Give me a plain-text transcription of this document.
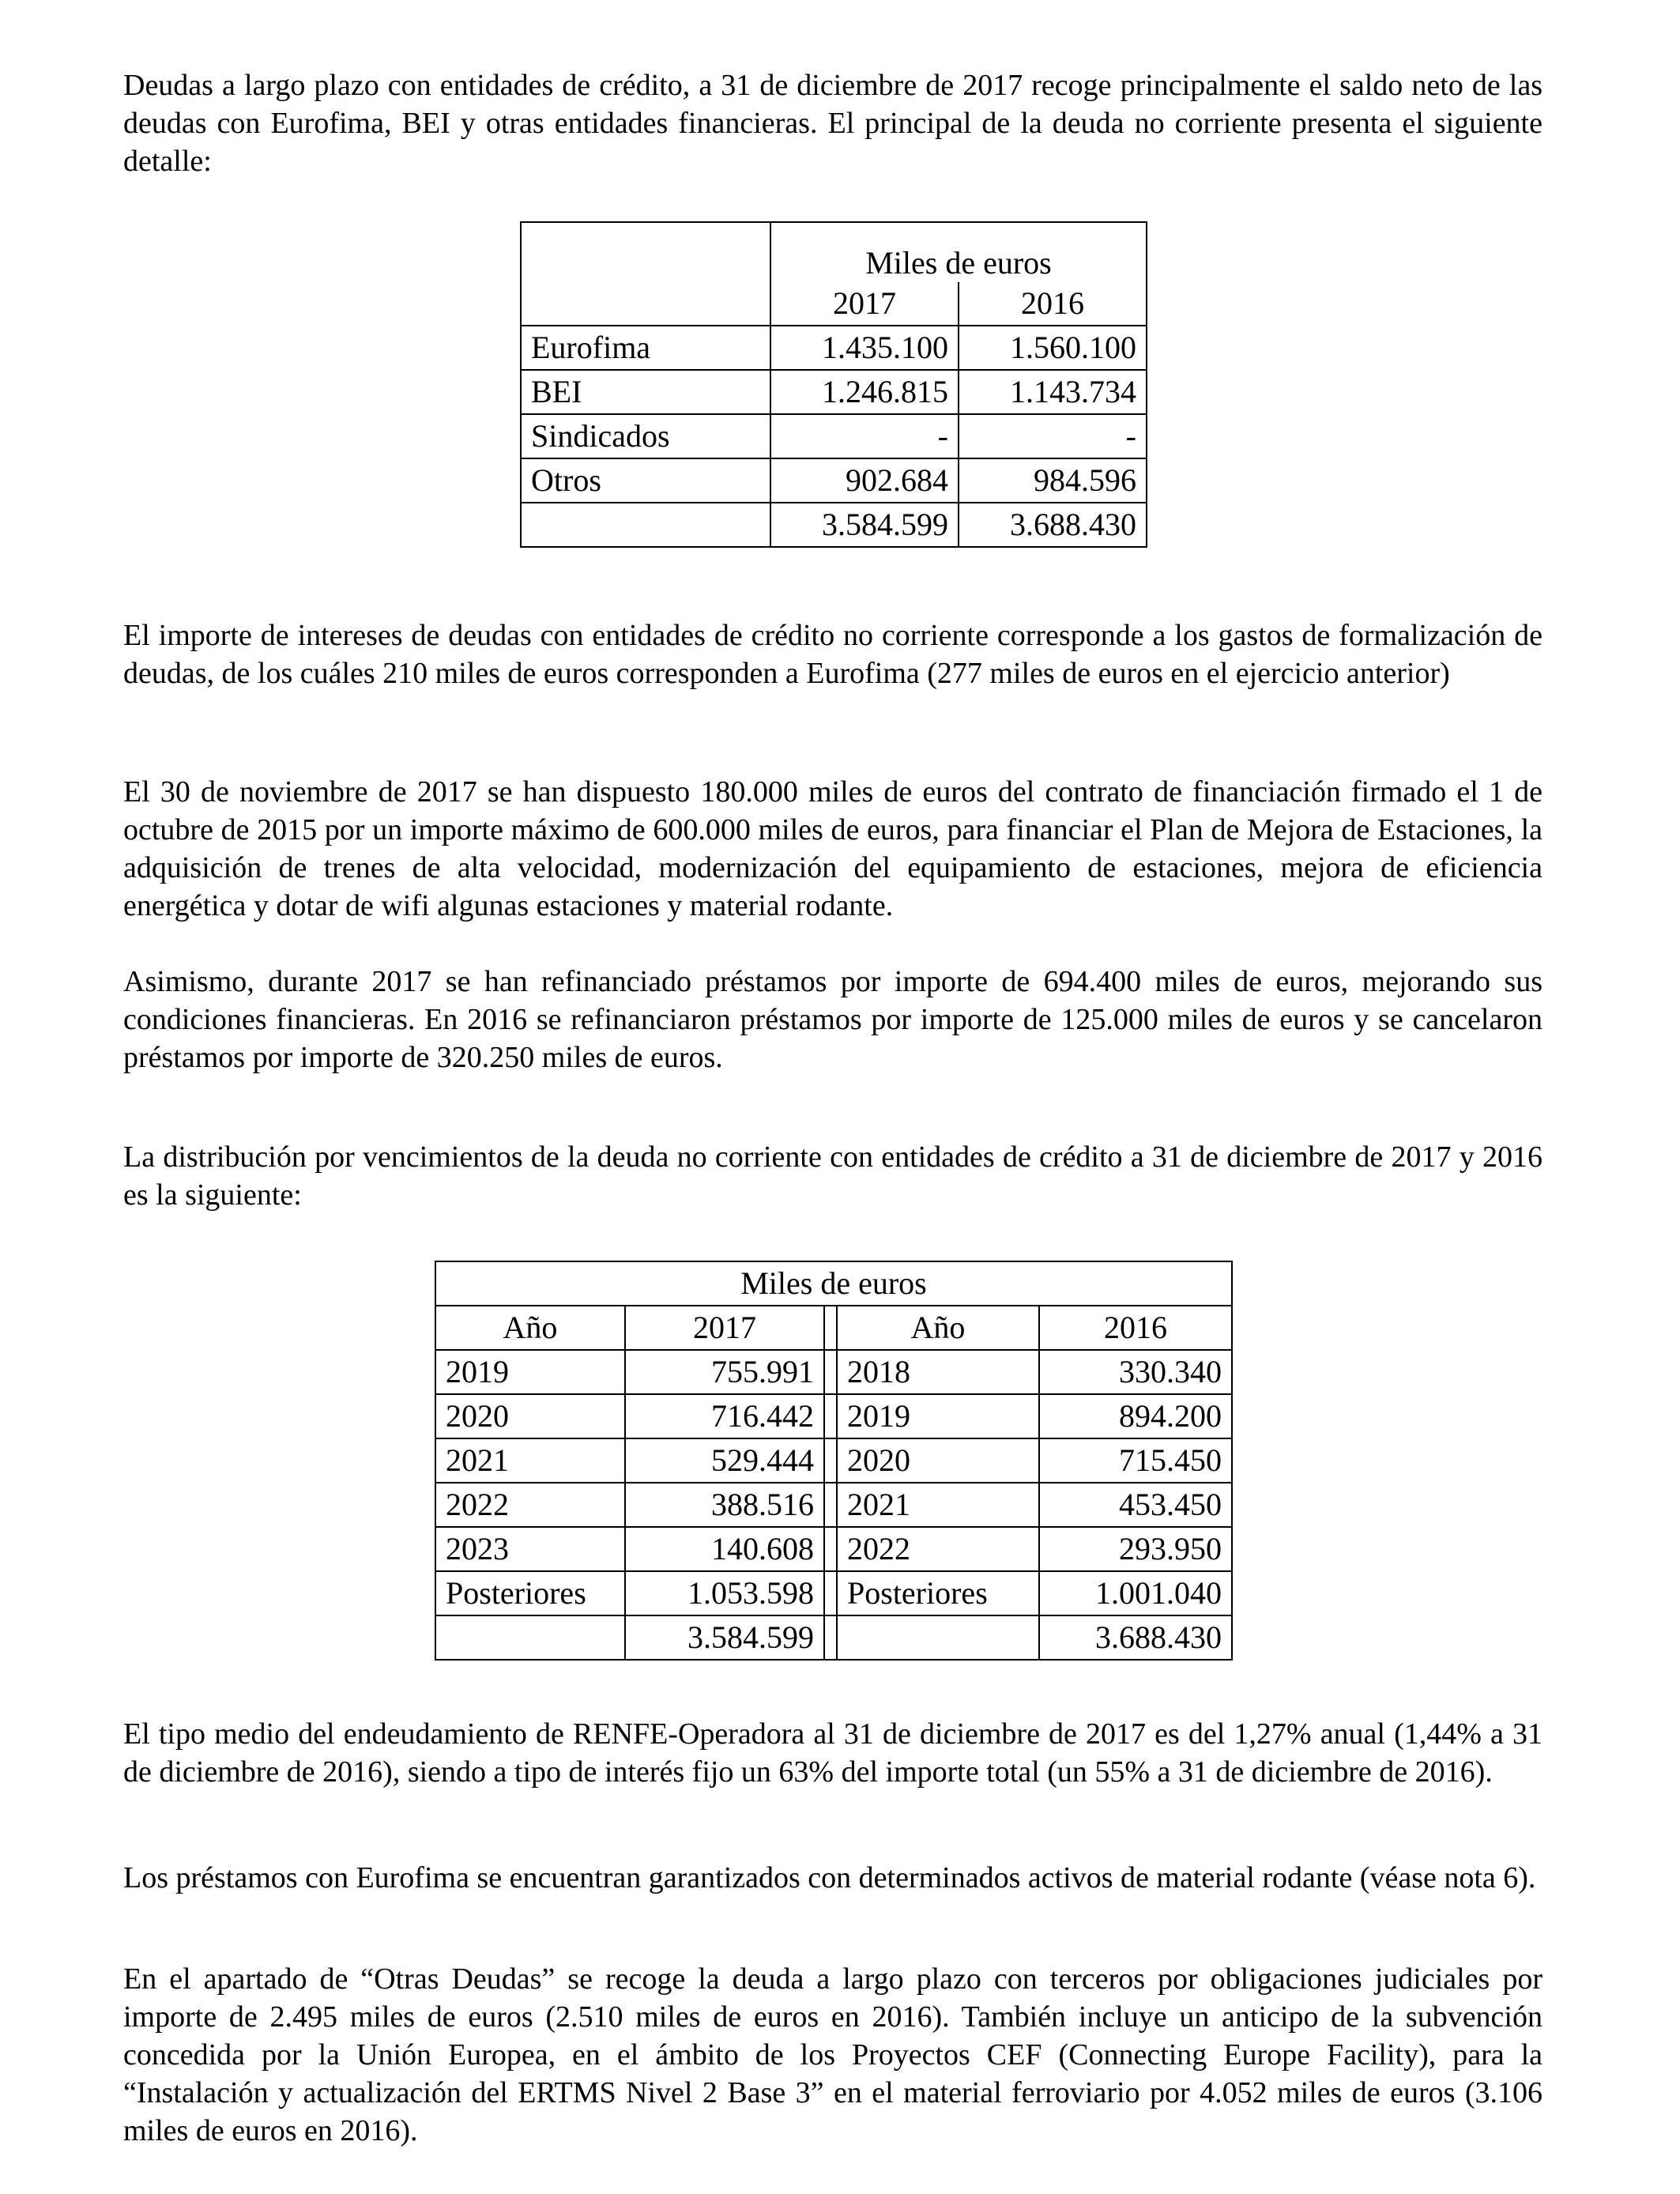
Deudas a largo plazo con entidades de crédito, a 31 de diciembre de 2017 recoge principalmente el saldo neto de las deudas con Eurofima, BEI y otras entidades financieras. El principal de la deuda no corriente presenta el siguiente detalle:

	Miles de euros	
	2017	2016
Eurofima	1.435.100	1.560.100
BEI	1.246.815	1.143.734
Sindicados	-	-
Otros	902.684	984.596
	3.584.599	3.688.430

El importe de intereses de deudas con entidades de crédito no corriente corresponde a los gastos de formalización de deudas, de los cuáles 210 miles de euros corresponden a Eurofima (277 miles de euros en el ejercicio anterior)

El 30 de noviembre de 2017 se han dispuesto 180.000 miles de euros del contrato de financiación firmado el 1 de octubre de 2015 por un importe máximo de 600.000 miles de euros, para financiar el Plan de Mejora de Estaciones, la adquisición de trenes de alta velocidad, modernización del equipamiento de estaciones, mejora de eficiencia energética y dotar de wifi algunas estaciones y material rodante.

Asimismo, durante 2017 se han refinanciado préstamos por importe de 694.400 miles de euros, mejorando sus condiciones financieras. En 2016 se refinanciaron préstamos por importe de 125.000 miles de euros y se cancelaron préstamos por importe de 320.250 miles de euros.

La distribución por vencimientos de la deuda no corriente con entidades de crédito a 31 de diciembre de 2017 y 2016 es la siguiente:

Miles de euros				
Año	2017		Año	2016
2019	755.991		2018	330.340
2020	716.442		2019	894.200
2021	529.444		2020	715.450
2022	388.516		2021	453.450
2023	140.608		2022	293.950
Posteriores	1.053.598		Posteriores	1.001.040
	3.584.599			3.688.430

El tipo medio del endeudamiento de RENFE-Operadora al 31 de diciembre de 2017 es del 1,27% anual (1,44% a 31 de diciembre de 2016), siendo a tipo de interés fijo un 63% del importe total (un 55% a 31 de diciembre de 2016).

Los préstamos con Eurofima se encuentran garantizados con determinados activos de material rodante (véase nota 6).

En el apartado de “Otras Deudas” se recoge la deuda a largo plazo con terceros por obligaciones judiciales por importe de 2.495 miles de euros (2.510 miles de euros en 2016). También incluye un anticipo de la subvención concedida por la Unión Europea, en el ámbito de los Proyectos CEF (Connecting Europe Facility), para la “Instalación y actualización del ERTMS Nivel 2 Base 3” en el material ferroviario por 4.052 miles de euros (3.106 miles de euros en 2016).
